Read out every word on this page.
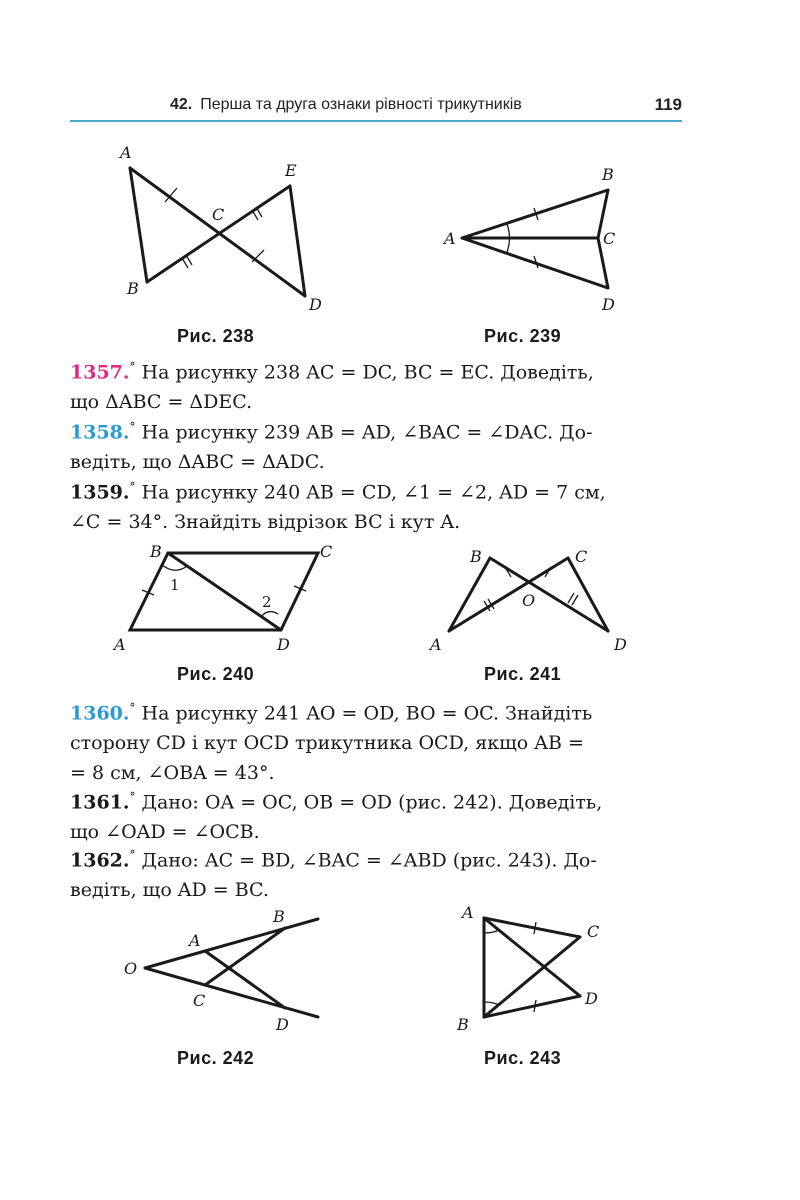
42. Перша та друга ознаки рівності трикутників	119
A
B
C
D
E
Рис. 238
A
B
C
D
Рис. 239
1357.° На рисунку 238 AC = DC, BC = EC. Доведіть,
що ΔABC = ΔDEC.
1358.° На рисунку 239 AB = AD, ∠BAC = ∠DAC. До-
ведіть, що ΔABC = ΔADC.
1359.° На рисунку 240 AB = CD, ∠1 = ∠2, AD = 7 см,
∠C = 34°. Знайдіть відрізок BC і кут A.
B	C
A	D
1
2
Рис. 240
B	C
O
A	D
Рис. 241
1360.° На рисунку 241 AO = OD, BO = OC. Знайдіть
сторону CD і кут OCD трикутника OCD, якщо AB =
= 8 см, ∠OBA = 43°.
1361.° Дано: OA = OC, OB = OD (рис. 242). Доведіть,
що ∠OAD = ∠OCB.
1362.° Дано: AC = BD, ∠BAC = ∠ABD (рис. 243). До-
ведіть, що AD = BC.
O
A
B
C
D
Рис. 242
A
B
C
D
Рис. 243
